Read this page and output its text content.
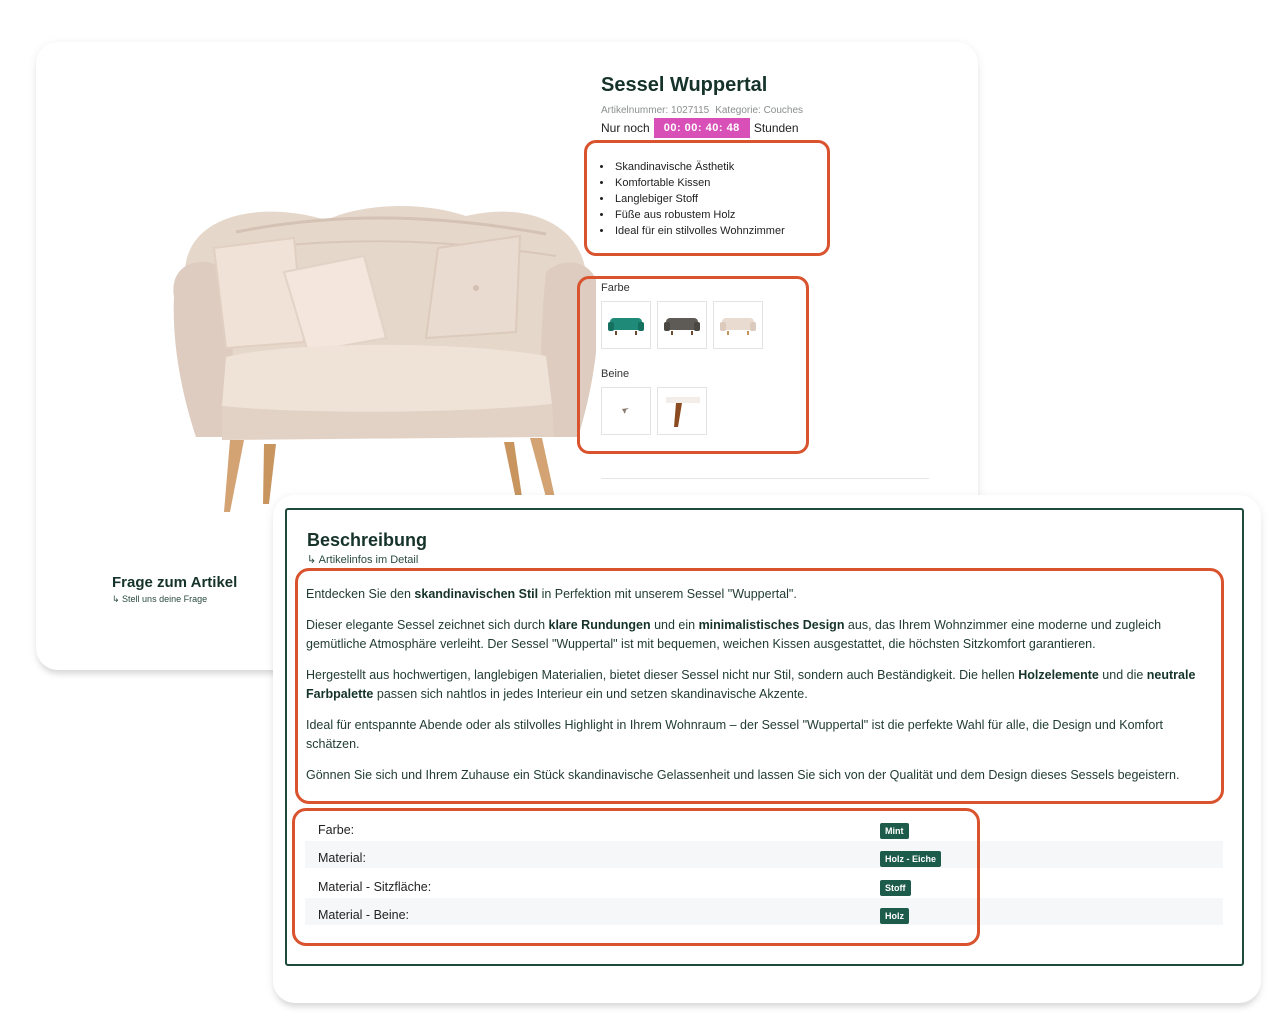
Sessel Wuppertal
Artikelnummer: 1027115 Kategorie: Couches
Nur noch	00: 00: 40: 48	Stunden
• Skandinavische Ästhetik
• Komfortable Kissen
• Langlebiger Stoff
• Füße aus robustem Holz
• Ideal für ein stilvolles Wohnzimmer
Farbe
Beine
Frage zum Artikel
↳ Stell uns deine Frage
Beschreibung
↳ Artikelinfos im Detail

Entdecken Sie den skandinavischen Stil in Perfektion mit unserem Sessel "Wuppertal".

Dieser elegante Sessel zeichnet sich durch klare Rundungen und ein minimalistisches Design aus, das Ihrem Wohnzimmer eine moderne und zugleich gemütliche Atmosphäre verleiht. Der Sessel "Wuppertal" ist mit bequemen, weichen Kissen ausgestattet, die höchsten Sitzkomfort garantieren.

Hergestellt aus hochwertigen, langlebigen Materialien, bietet dieser Sessel nicht nur Stil, sondern auch Beständigkeit. Die hellen Holzelemente und die neutrale Farbpalette passen sich nahtlos in jedes Interieur ein und setzen skandinavische Akzente.

Ideal für entspannte Abende oder als stilvolles Highlight in Ihrem Wohnraum – der Sessel "Wuppertal" ist die perfekte Wahl für alle, die Design und Komfort schätzen.

Gönnen Sie sich und Ihrem Zuhause ein Stück skandinavische Gelassenheit und lassen Sie sich von der Qualität und dem Design dieses Sessels begeistern.

Farbe:	Mint
Material:	Holz - Eiche
Material - Sitzfläche:	Stoff
Material - Beine:	Holz
